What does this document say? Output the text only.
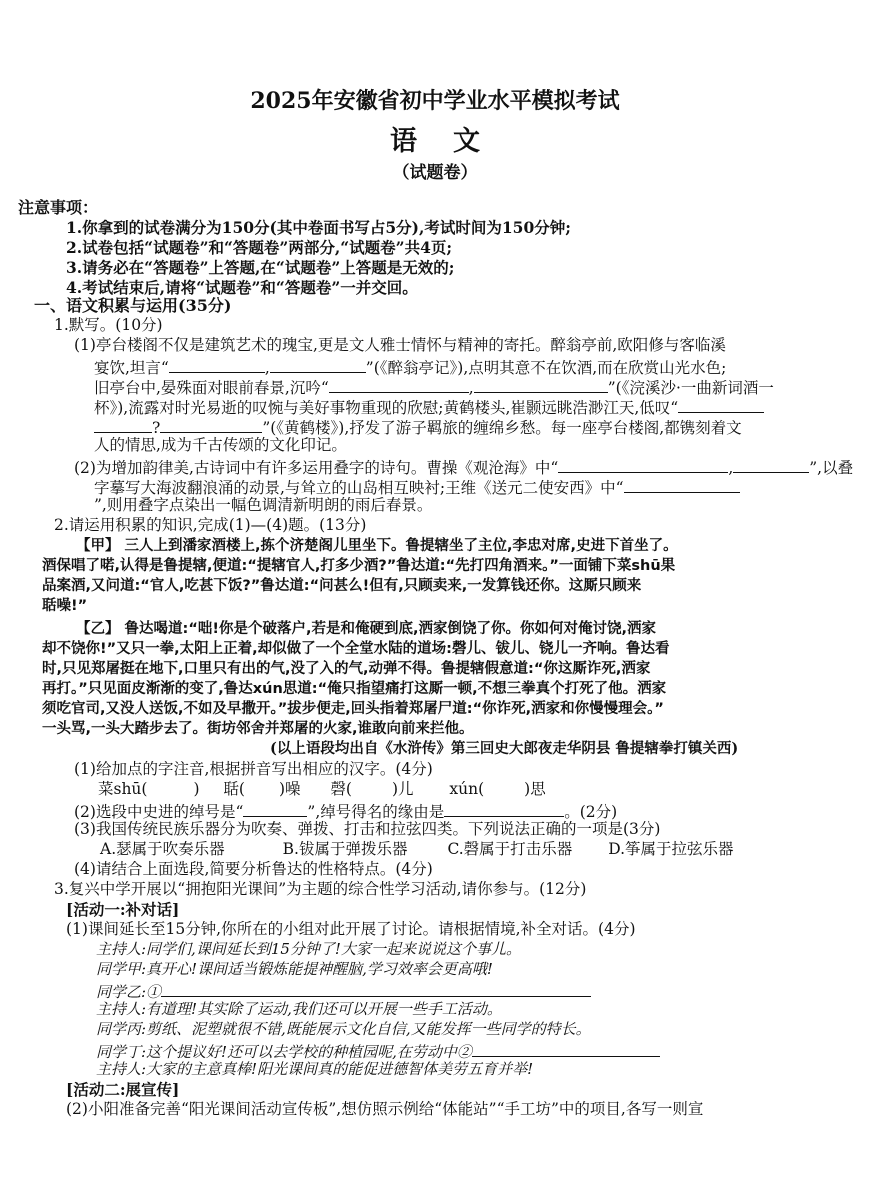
2025年安徽省初中学业水平模拟考试
语文
（试题卷）
注意事项：
1.你拿到的试卷满分为150分(其中卷面书写占5分),考试时间为150分钟;
2.试卷包括“试题卷”和“答题卷”两部分,“试题卷”共4页;
3.请务必在“答题卷”上答题,在“试题卷”上答题是无效的;
4.考试结束后,请将“试题卷”和“答题卷”一并交回。
一、语文积累与运用(35分)
1.默写。(10分)
(1)亭台楼阁不仅是建筑艺术的瑰宝,更是文人雅士情怀与精神的寄托。醉翁亭前,欧阳修与客临溪
宴饮,坦言“	,	”(《醉翁亭记》),点明其意不在饮酒,而在欣赏山光水色;
旧亭台中,晏殊面对眼前春景,沉吟“	,	”(《浣溪沙·一曲新词酒一
杯》),流露对时光易逝的叹惋与美好事物重现的欣慰;黄鹤楼头,崔颢远眺浩渺江天,低叹“
?	”(《黄鹤楼》),抒发了游子羁旅的缠绵乡愁。每一座亭台楼阁,都镌刻着文
人的情思,成为千古传颂的文化印记。
(2)为增加韵律美,古诗词中有许多运用叠字的诗句。曹操《观沧海》中“	,	”,以叠
字摹写大海波翻浪涌的动景,与耸立的山岛相互映衬;王维《送元二使安西》中“
”,则用叠字点染出一幅色调清新明朗的雨后春景。
2.请运用积累的知识,完成(1)—(4)题。(13分)
【甲】 三人上到潘家酒楼上,拣个济楚阁儿里坐下。鲁提辖坐了主位,李忠对席,史进下首坐了。
酒保唱了喏,认得是鲁提辖,便道:“提辖官人,打多少酒?”鲁达道:“先打四角酒来。”一面铺下菜shū果
品案酒,又问道:“官人,吃甚下饭?”鲁达道:“问甚么!但有,只顾卖来,一发算钱还你。这厮只顾来
聒噪!”
【乙】 鲁达喝道:“咄!你是个破落户,若是和俺硬到底,洒家倒饶了你。你如何对俺讨饶,洒家
却不饶你!”又只一拳,太阳上正着,却似做了一个全堂水陆的道场:磬儿、钹儿、铙儿一齐响。鲁达看
时,只见郑屠挺在地下,口里只有出的气,没了入的气,动弹不得。鲁提辖假意道:“你这厮诈死,洒家
再打。”只见面皮渐渐的变了,鲁达xún思道:“俺只指望痛打这厮一顿,不想三拳真个打死了他。洒家
须吃官司,又没人送饭,不如及早撒开。”拔步便走,回头指着郑屠尸道:“你诈死,洒家和你慢慢理会。”
一头骂,一头大踏步去了。街坊邻舍并郑屠的火家,谁敢向前来拦他。
(以上语段均出自《水浒传》第三回史大郎夜走华阴县 鲁提辖拳打镇关西)
(1)给加点的字注音,根据拼音写出相应的汉字。(4分)
菜shū(	) 聒( )噪 磬(	)儿 xún(	)思
(2)选段中史进的绰号是“	”,绰号得名的缘由是	。(2分)
(3)我国传统民族乐器分为吹奏、弹拨、打击和拉弦四类。下列说法正确的一项是(3分)
A.瑟属于吹奏乐器	B.钹属于弹拨乐器	C.磬属于打击乐器 D.筝属于拉弦乐器
(4)请结合上面选段,简要分析鲁达的性格特点。(4分)
3.复兴中学开展以“拥抱阳光课间”为主题的综合性学习活动,请你参与。(12分)
[活动一:补对话]
(1)课间延长至15分钟,你所在的小组对此开展了讨论。请根据情境,补全对话。(4分)
主持人:同学们,课间延长到15分钟了!大家一起来说说这个事儿。
同学甲:真开心!课间适当锻炼能提神醒脑,学习效率会更高哦!
同学乙:①
主持人:有道理!其实除了运动,我们还可以开展一些手工活动。
同学丙:剪纸、泥塑就很不错,既能展示文化自信,又能发挥一些同学的特长。
同学丁:这个提议好!还可以去学校的种植园呢,在劳动中②
主持人:大家的主意真棒!阳光课间真的能促进德智体美劳五育并举!
[活动二:展宣传]
(2)小阳准备完善“阳光课间活动宣传板”,想仿照示例给“体能站”“手工坊”中的项目,各写一则宣
